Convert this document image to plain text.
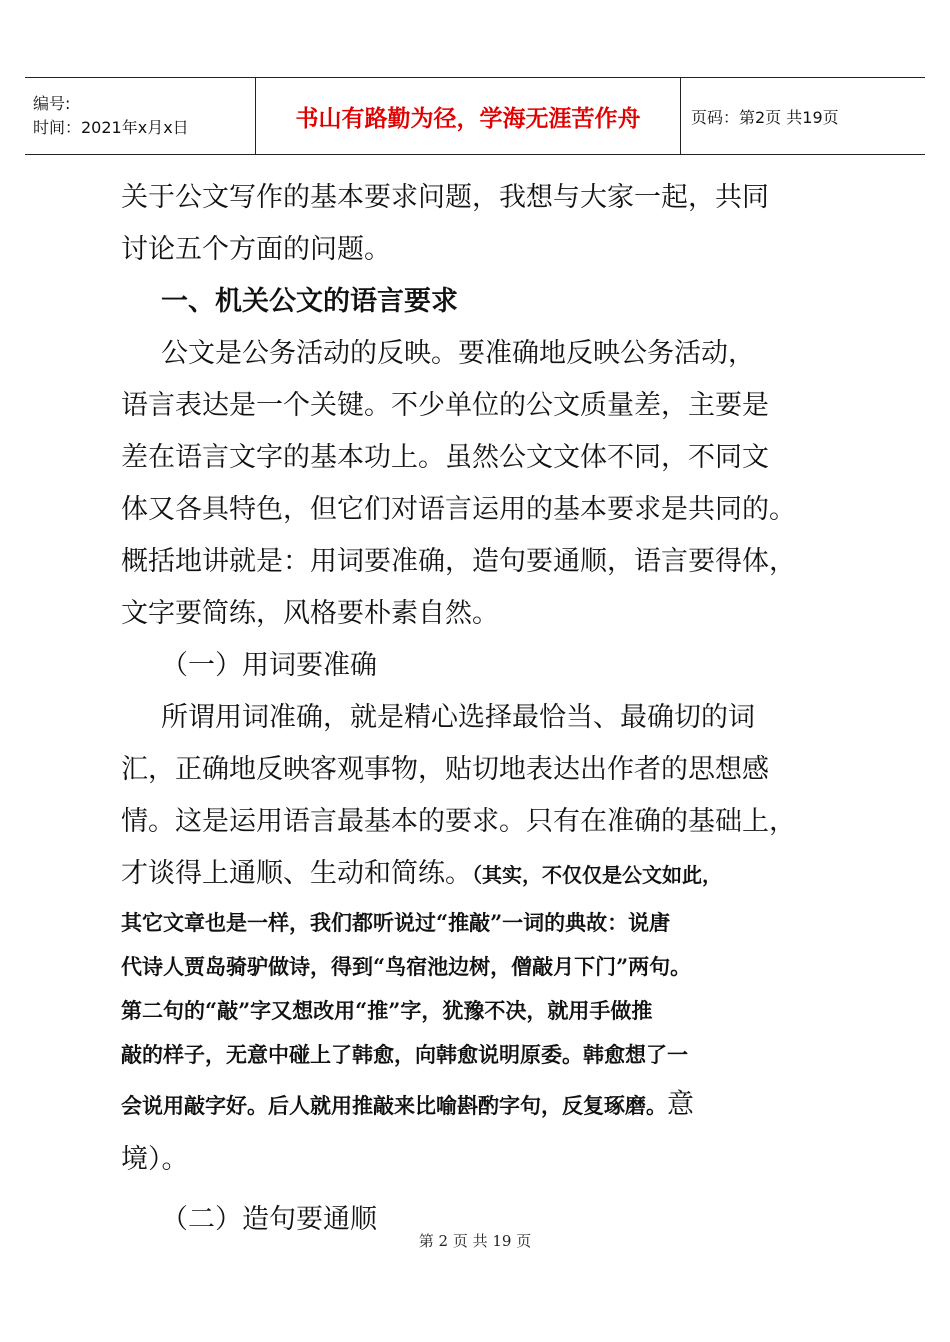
编号:
时间：2021年x月x日	书山有路勤为径，学海无涯苦作舟	页码：第2页 共19页
关于公文写作的基本要求问题，我想与大家一起，共同
讨论五个方面的问题。
一、机关公文的语言要求
公文是公务活动的反映。要准确地反映公务活动，
语言表达是一个关键。不少单位的公文质量差，主要是
差在语言文字的基本功上。虽然公文文体不同，不同文
体又各具特色，但它们对语言运用的基本要求是共同的。
概括地讲就是：用词要准确，造句要通顺，语言要得体，
文字要简练，风格要朴素自然。
（一）用词要准确
所谓用词准确，就是精心选择最恰当、最确切的词
汇，正确地反映客观事物，贴切地表达出作者的思想感
情。这是运用语言最基本的要求。只有在准确的基础上，
才谈得上通顺、生动和简练。（其实，不仅仅是公文如此，
其它文章也是一样，我们都听说过“推敲”一词的典故：说唐
代诗人贾岛骑驴做诗，得到“鸟宿池边树，僧敲月下门”两句。
第二句的“敲”字又想改用“推”字，犹豫不决，就用手做推
敲的样子，无意中碰上了韩愈，向韩愈说明原委。韩愈想了一
会说用敲字好。后人就用推敲来比喻斟酌字句，反复琢磨。意
境）。
（二）造句要通顺
第 2 页 共 19 页
